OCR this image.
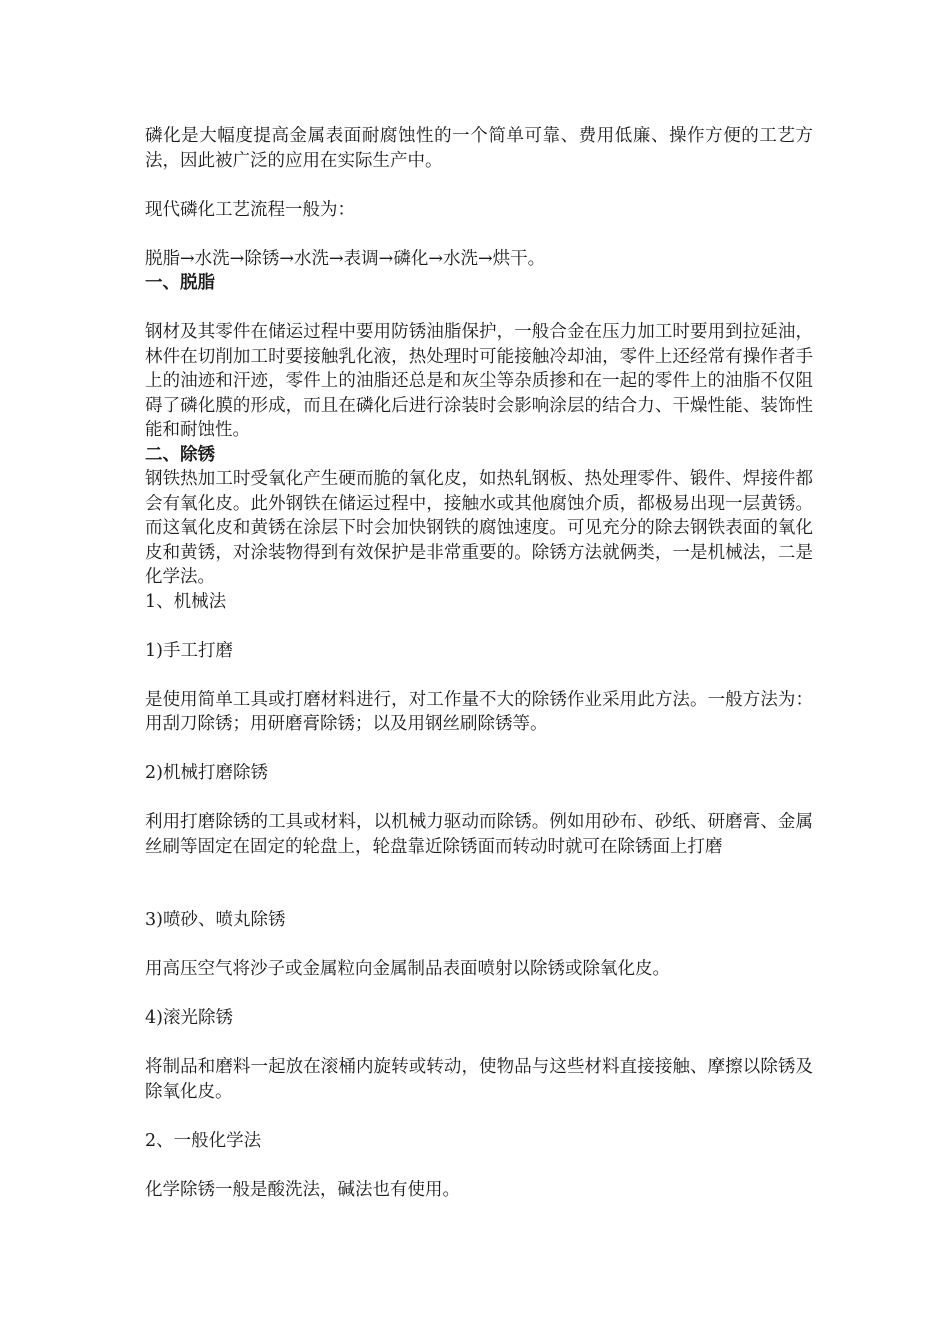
磷化是大幅度提高金属表面耐腐蚀性的一个简单可靠、费用低廉、操作方便的工艺方法，因此被广泛的应用在实际生产中。

现代磷化工艺流程一般为：

脱脂→水洗→除锈→水洗→表调→磷化→水洗→烘干。

一、脱脂

钢材及其零件在储运过程中要用防锈油脂保护，一般合金在压力加工时要用到拉延油，林件在切削加工时要接触乳化液，热处理时可能接触冷却油，零件上还经常有操作者手上的油迹和汗迹，零件上的油脂还总是和灰尘等杂质掺和在一起的零件上的油脂不仅阻碍了磷化膜的形成，而且在磷化后进行涂装时会影响涂层的结合力、干燥性能、装饰性能和耐蚀性。

二、除锈

钢铁热加工时受氧化产生硬而脆的氧化皮，如热轧钢板、热处理零件、锻件、焊接件都会有氧化皮。此外钢铁在储运过程中，接触水或其他腐蚀介质，都极易出现一层黄锈。而这氧化皮和黄锈在涂层下时会加快钢铁的腐蚀速度。可见充分的除去钢铁表面的氧化皮和黄锈，对涂装物得到有效保护是非常重要的。除锈方法就俩类，一是机械法，二是化学法。

1、机械法

1)手工打磨

是使用简单工具或打磨材料进行，对工作量不大的除锈作业采用此方法。一般方法为：用刮刀除锈；用研磨膏除锈；以及用钢丝刷除锈等。

2)机械打磨除锈

利用打磨除锈的工具或材料，以机械力驱动而除锈。例如用砂布、砂纸、研磨膏、金属丝刷等固定在固定的轮盘上，轮盘靠近除锈面而转动时就可在除锈面上打磨

3)喷砂、喷丸除锈

用高压空气将沙子或金属粒向金属制品表面喷射以除锈或除氧化皮。

4)滚光除锈

将制品和磨料一起放在滚桶内旋转或转动，使物品与这些材料直接接触、摩擦以除锈及除氧化皮。

2、一般化学法

化学除锈一般是酸洗法，碱法也有使用。
